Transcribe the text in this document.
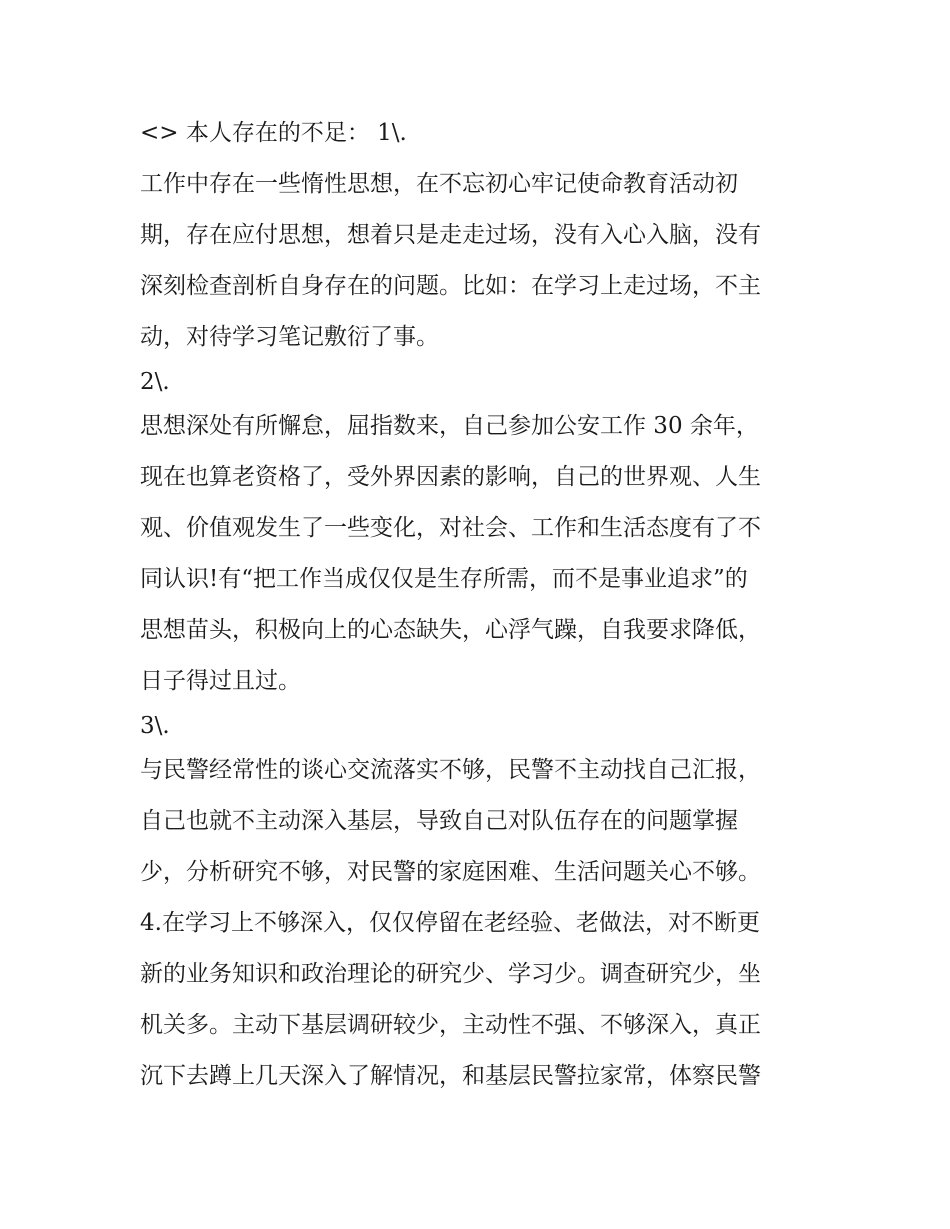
<> 本人存在的不足： 1\.
工作中存在一些惰性思想，在不忘初心牢记使命教育活动初
期，存在应付思想，想着只是走走过场，没有入心入脑，没有
深刻检查剖析自身存在的问题。比如：在学习上走过场，不主
动，对待学习笔记敷衍了事。
2\.
思想深处有所懈怠，屈指数来，自己参加公安工作 30 余年，
现在也算老资格了，受外界因素的影响，自己的世界观、人生
观、价值观发生了一些变化，对社会、工作和生活态度有了不
同认识!有“把工作当成仅仅是生存所需，而不是事业追求”的
思想苗头，积极向上的心态缺失，心浮气躁，自我要求降低，
日子得过且过。
3\.
与民警经常性的谈心交流落实不够，民警不主动找自己汇报，
自己也就不主动深入基层，导致自己对队伍存在的问题掌握
少，分析研究不够，对民警的家庭困难、生活问题关心不够。
4.在学习上不够深入，仅仅停留在老经验、老做法，对不断更
新的业务知识和政治理论的研究少、学习少。调查研究少，坐
机关多。主动下基层调研较少，主动性不强、不够深入，真正
沉下去蹲上几天深入了解情况，和基层民警拉家常，体察民警
